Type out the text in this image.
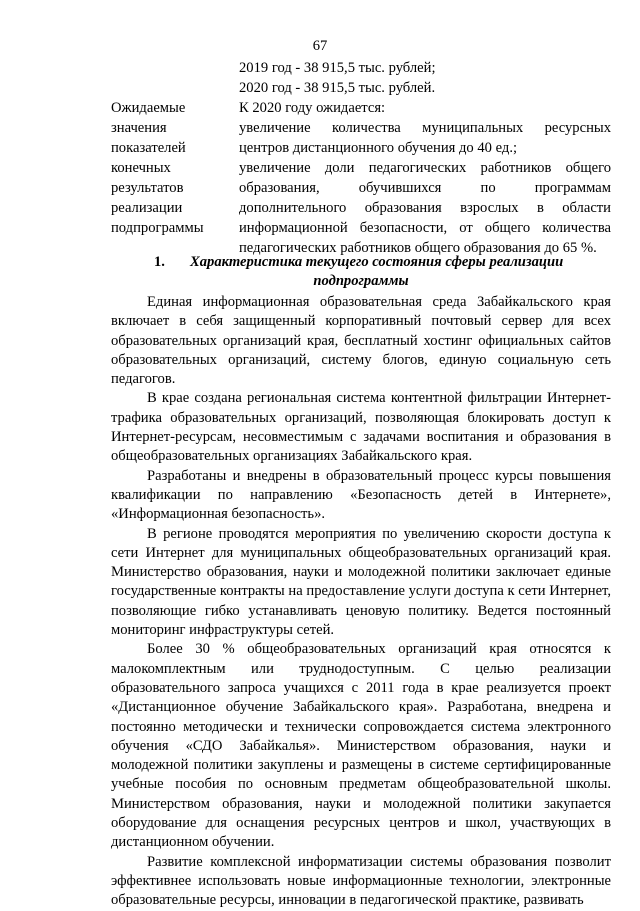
67

2019 год - 38 915,5 тыс. рублей;

2020 год - 38 915,5 тыс. рублей.

Ожидаемые
значения
показателей
конечных
результатов
реализации
подпрограммы

К 2020 году ожидается:

увеличение количества муниципальных ресурсных центров дистанционного обучения до 40 ед.;

увеличение доли педагогических работников общего образования, обучившихся по программам дополнительного образования взрослых в области информационной безопасности, от общего количества педагогических работников общего образования до 65 %.

1.	Характеристика текущего состояния сферы реализации
подпрограммы

Единая информационная образовательная среда Забайкальского края включает в себя защищенный корпоративный почтовый сервер для всех образовательных организаций края, бесплатный хостинг официальных сайтов образовательных организаций, систему блогов, единую социальную сеть педагогов.

В крае создана региональная система контентной фильтрации Интернет-трафика образовательных организаций, позволяющая блокировать доступ к Интернет-ресурсам, несовместимым с задачами воспитания и образования в общеобразовательных организациях Забайкальского края.

Разработаны и внедрены в образовательный процесс курсы повышения квалификации по направлению «Безопасность детей в Интернете», «Информационная безопасность».

В регионе проводятся мероприятия по увеличению скорости доступа к сети Интернет для муниципальных общеобразовательных организаций края. Министерство образования, науки и молодежной политики заключает единые государственные контракты на предоставление услуги доступа к сети Интернет, позволяющие гибко устанавливать ценовую политику. Ведется постоянный мониторинг инфраструктуры сетей.

Более 30 % общеобразовательных организаций края относятся к малокомплектным или труднодоступным. С целью реализации образовательного запроса учащихся с 2011 года в крае реализуется проект «Дистанционное обучение Забайкальского края». Разработана, внедрена и постоянно методически и технически сопровождается система электронного обучения «СДО Забайкалья». Министерством образования, науки и молодежной политики закуплены и размещены в системе сертифицированные учебные пособия по основным предметам общеобразовательной школы. Министерством образования, науки и молодежной политики закупается оборудование для оснащения ресурсных центров и школ, участвующих в дистанционном обучении.

Развитие комплексной информатизации системы образования позволит эффективнее использовать новые информационные технологии, электронные образовательные ресурсы, инновации в педагогической практике, развивать
